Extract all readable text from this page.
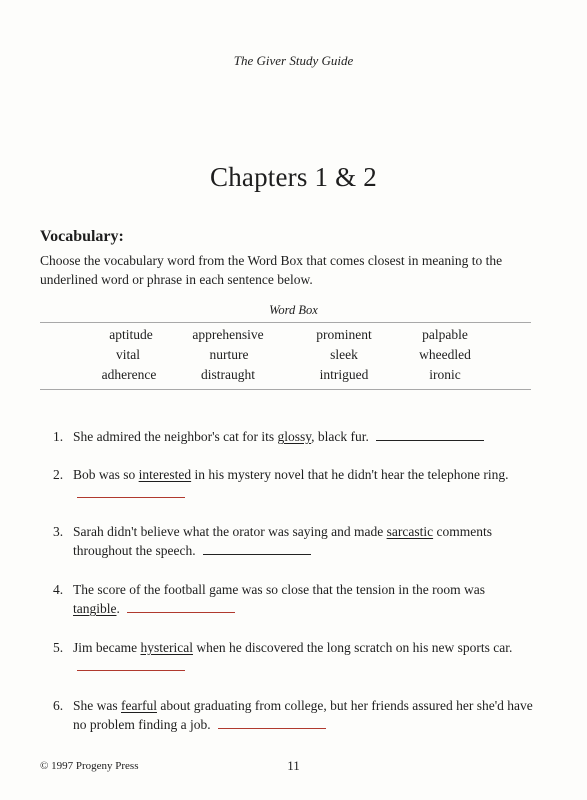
The Giver Study Guide
Chapters 1 & 2
Vocabulary:
Choose the vocabulary word from the Word Box that comes closest in meaning to the underlined word or phrase in each sentence below.
Word Box
aptitude	apprehensive	prominent	palpable
vital	nurture	sleek	wheedled
adherence	distraught	intrigued	ironic
1. She admired the neighbor's cat for its glossy, black fur.
2. Bob was so interested in his mystery novel that he didn't hear the telephone ring.
3. Sarah didn't believe what the orator was saying and made sarcastic comments throughout the speech.
4. The score of the football game was so close that the tension in the room was tangible.
5. Jim became hysterical when he discovered the long scratch on his new sports car.
6. She was fearful about graduating from college, but her friends assured her she'd have no problem finding a job.
© 1997 Progeny Press	11
